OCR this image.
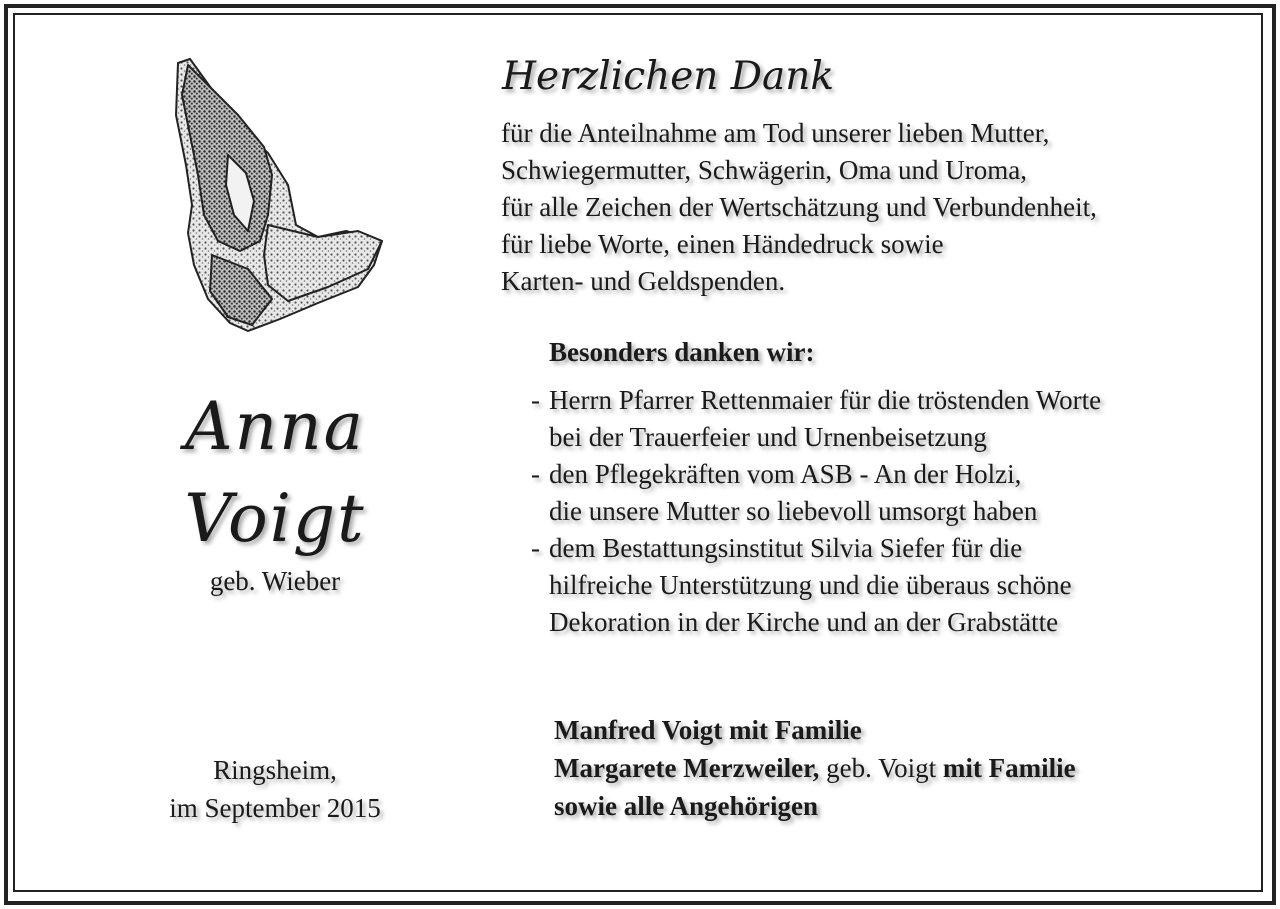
Anna
Voigt
geb. Wieber
Ringsheim,
im September 2015
Herzlichen Dank
für die Anteilnahme am Tod unserer lieben Mutter,
Schwiegermutter, Schwägerin, Oma und Uroma,
für alle Zeichen der Wertschätzung und Verbundenheit,
für liebe Worte, einen Händedruck sowie
Karten- und Geldspenden.
Besonders danken wir:
- Herrn Pfarrer Rettenmaier für die tröstenden Worte
bei der Trauerfeier und Urnenbeisetzung
- den Pflegekräften vom ASB - An der Holzi,
die unsere Mutter so liebevoll umsorgt haben
- dem Bestattungsinstitut Silvia Siefer für die
hilfreiche Unterstützung und die überaus schöne
Dekoration in der Kirche und an der Grabstätte
Manfred Voigt mit Familie
Margarete Merzweiler, geb. Voigt mit Familie
sowie alle Angehörigen
